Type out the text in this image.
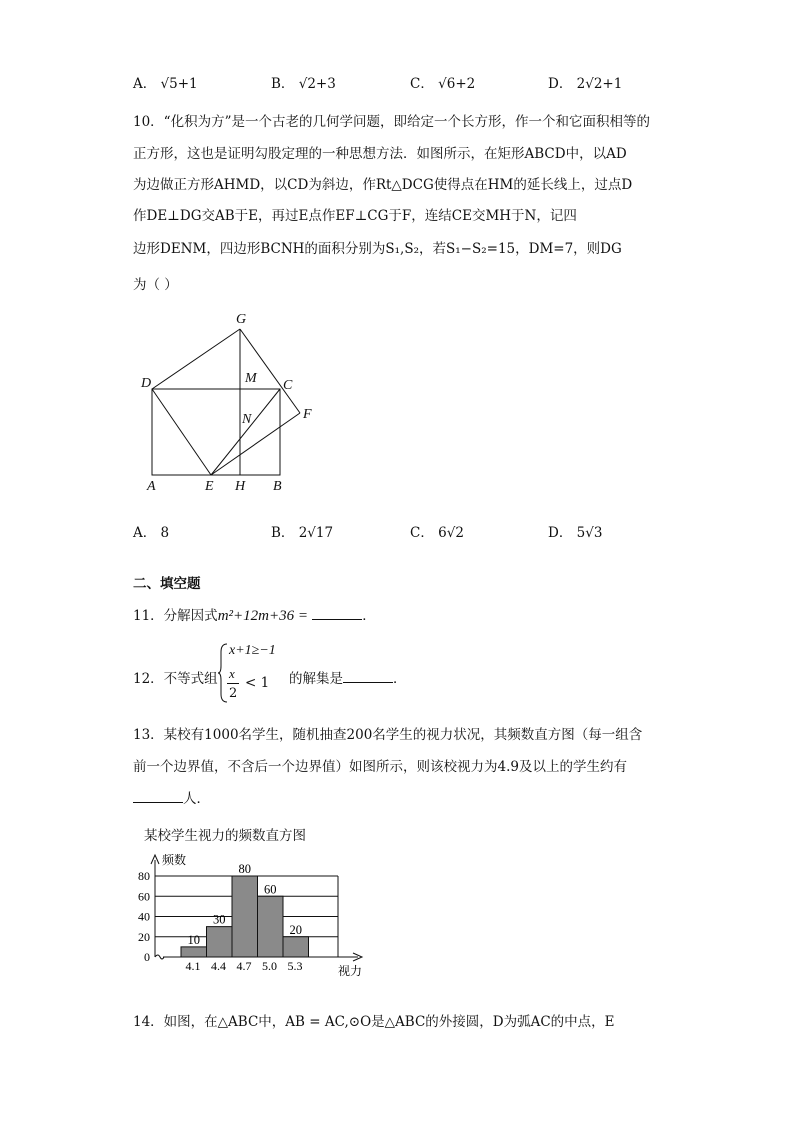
A． √5+1	B． √2+3	C． √6+2	D． 2√2+1
10．“化积为方”是一个古老的几何学问题，即给定一个长方形，作一个和它面积相等的
正方形，这也是证明勾股定理的一种思想方法．如图所示，在矩形ABCD中，以AD
为边做正方形AHMD，以CD为斜边，作Rt△DCG使得点在HM的延长线上，过点D
作DE⊥DG交AB于E，再过E点作EF⊥CG于F，连结CE交MH于N，记四
边形DENM，四边形BCNH的面积分别为S₁,S₂，若S₁−S₂=15，DM=7，则DG
为（ ）
G
D	M C
N	F
A	E H B
A． 8	B． 2√17	C． 6√2	D． 5√3
二、填空题
11．分解因式m²+12m+36 =	．
12．不等式组
x+1≥−1
x
2
< 1 的解集是	．
13．某校有1000名学生，随机抽查200名学生的视力状况，其频数直方图（每一组含
前一个边界值，不含后一个边界值）如图所示，则该校视力为4.9及以上的学生约有
人．
某校学生视力的频数直方图
频数
视力
10
30
80
60
20
0
20
40
60
80
4.1 4.4 4.7 5.0 5.3
14．如图，在△ABC中，AB = AC,⊙O是△ABC的外接圆，D为弧AC的中点，E
